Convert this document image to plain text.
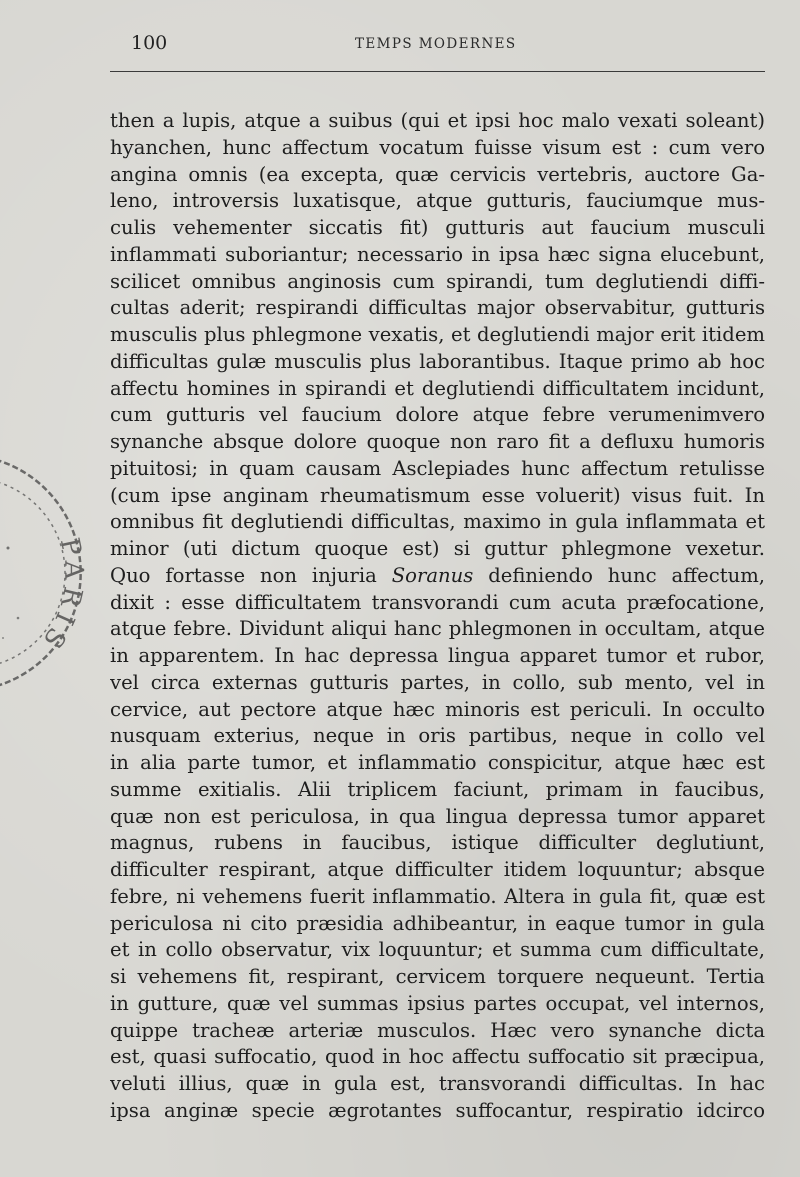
100	TEMPS MODERNES
PARIS
then a lupis, atque a suibus (qui et ipsi hoc malo vexati soleant)
hyanchen, hunc affectum vocatum fuisse visum est : cum vero
angina omnis (ea excepta, quæ cervicis vertebris, auctore Ga-
leno, introversis luxatisque, atque gutturis, fauciumque mus-
culis vehementer siccatis fit) gutturis aut faucium musculi
inflammati suboriantur; necessario in ipsa hæc signa elucebunt,
scilicet omnibus anginosis cum spirandi, tum deglutiendi diffi-
cultas aderit; respirandi difficultas major observabitur, gutturis
musculis plus phlegmone vexatis, et deglutiendi major erit itidem
difficultas gulæ musculis plus laborantibus. Itaque primo ab hoc
affectu homines in spirandi et deglutiendi difficultatem incidunt,
cum gutturis vel faucium dolore atque febre verumenimvero
synanche absque dolore quoque non raro fit a defluxu humoris
pituitosi; in quam causam Asclepiades hunc affectum retulisse
(cum ipse anginam rheumatismum esse voluerit) visus fuit. In
omnibus fit deglutiendi difficultas, maximo in gula inflammata et
minor (uti dictum quoque est) si guttur phlegmone vexetur.
Quo fortasse non injuria Soranus definiendo hunc affectum,
dixit : esse difficultatem transvorandi cum acuta præfocatione,
atque febre. Dividunt aliqui hanc phlegmonen in occultam, atque
in apparentem. In hac depressa lingua apparet tumor et rubor,
vel circa externas gutturis partes, in collo, sub mento, vel in
cervice, aut pectore atque hæc minoris est periculi. In occulto
nusquam exterius, neque in oris partibus, neque in collo vel
in alia parte tumor, et inflammatio conspicitur, atque hæc est
summe exitialis. Alii triplicem faciunt, primam in faucibus,
quæ non est periculosa, in qua lingua depressa tumor apparet
magnus, rubens in faucibus, istique difficulter deglutiunt,
difficulter respirant, atque difficulter itidem loquuntur; absque
febre, ni vehemens fuerit inflammatio. Altera in gula fit, quæ est
periculosa ni cito præsidia adhibeantur, in eaque tumor in gula
et in collo observatur, vix loquuntur; et summa cum difficultate,
si vehemens fit, respirant, cervicem torquere nequeunt. Tertia
in gutture, quæ vel summas ipsius partes occupat, vel internos,
quippe tracheæ arteriæ musculos. Hæc vero synanche dicta
est, quasi suffocatio, quod in hoc affectu suffocatio sit præcipua,
veluti illius, quæ in gula est, transvorandi difficultas. In hac
ipsa anginæ specie ægrotantes suffocantur, respiratio idcirco
